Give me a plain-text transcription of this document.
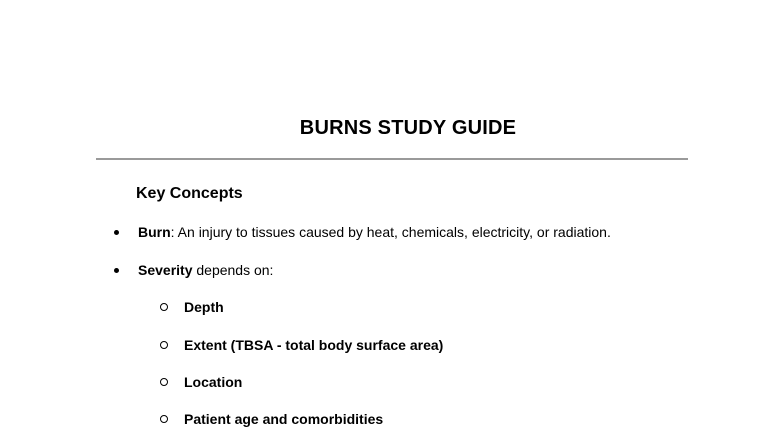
BURNS STUDY GUIDE
Key Concepts
Burn: An injury to tissues caused by heat, chemicals, electricity, or radiation.
Severity depends on:
Depth
Extent (TBSA - total body surface area)
Location
Patient age and comorbidities
